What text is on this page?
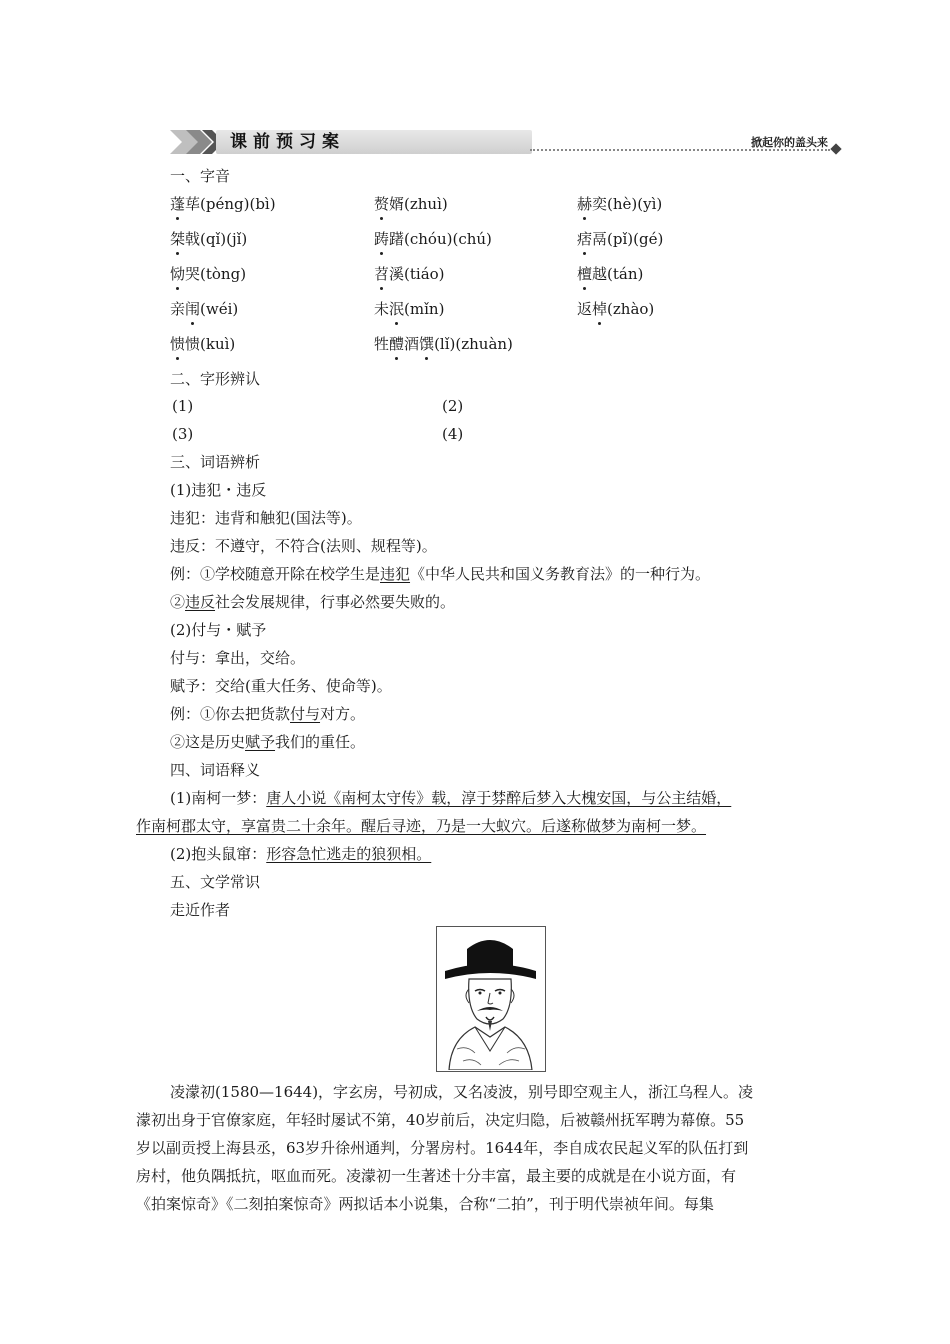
课前预习案	掀起你的盖头来
一、字音
蓬荜(péng)(bì)	赘婿(zhuì)	赫奕(hè)(yì)
桀戟(qǐ)(jǐ)	踌躇(chóu)(chú)	痞鬲(pǐ)(gé)
恸哭(tòng)	苕溪(tiáo)	檀越(tán)
亲闱(wéi)	未泯(mǐn)	返棹(zhào)
愦愦(kuì)	牲醴酒馔(lǐ)(zhuàn)
二、字形辨认
(1)	(2)
(3)	(4)
三、词语辨析
(1)违犯・违反
违犯：违背和触犯(国法等)。
违反：不遵守，不符合(法则、规程等)。
例：①学校随意开除在校学生是违犯《中华人民共和国义务教育法》的一种行为。
②违反社会发展规律，行事必然要失败的。
(2)付与・赋予
付与：拿出，交给。
赋予：交给(重大任务、使命等)。
例：①你去把货款付与对方。
②这是历史赋予我们的重任。
四、词语释义
(1)南柯一梦：唐人小说《南柯太守传》载，淳于棼醉后梦入大槐安国，与公主结婚，
作南柯郡太守，享富贵二十余年。醒后寻迹，乃是一大蚁穴。后遂称做梦为南柯一梦。
(2)抱头鼠窜：形容急忙逃走的狼狈相。
五、文学常识
走近作者
凌濛初(1580—1644)，字玄房，号初成，又名凌波，别号即空观主人，浙江乌程人。凌
濛初出身于官僚家庭，年轻时屡试不第，40岁前后，决定归隐，后被赣州抚军聘为幕僚。55
岁以副贡授上海县丞，63岁升徐州通判，分署房村。1644年，李自成农民起义军的队伍打到
房村，他负隅抵抗，呕血而死。凌濛初一生著述十分丰富，最主要的成就是在小说方面，有
《拍案惊奇》《二刻拍案惊奇》两拟话本小说集，合称“二拍”，刊于明代崇祯年间。每集
